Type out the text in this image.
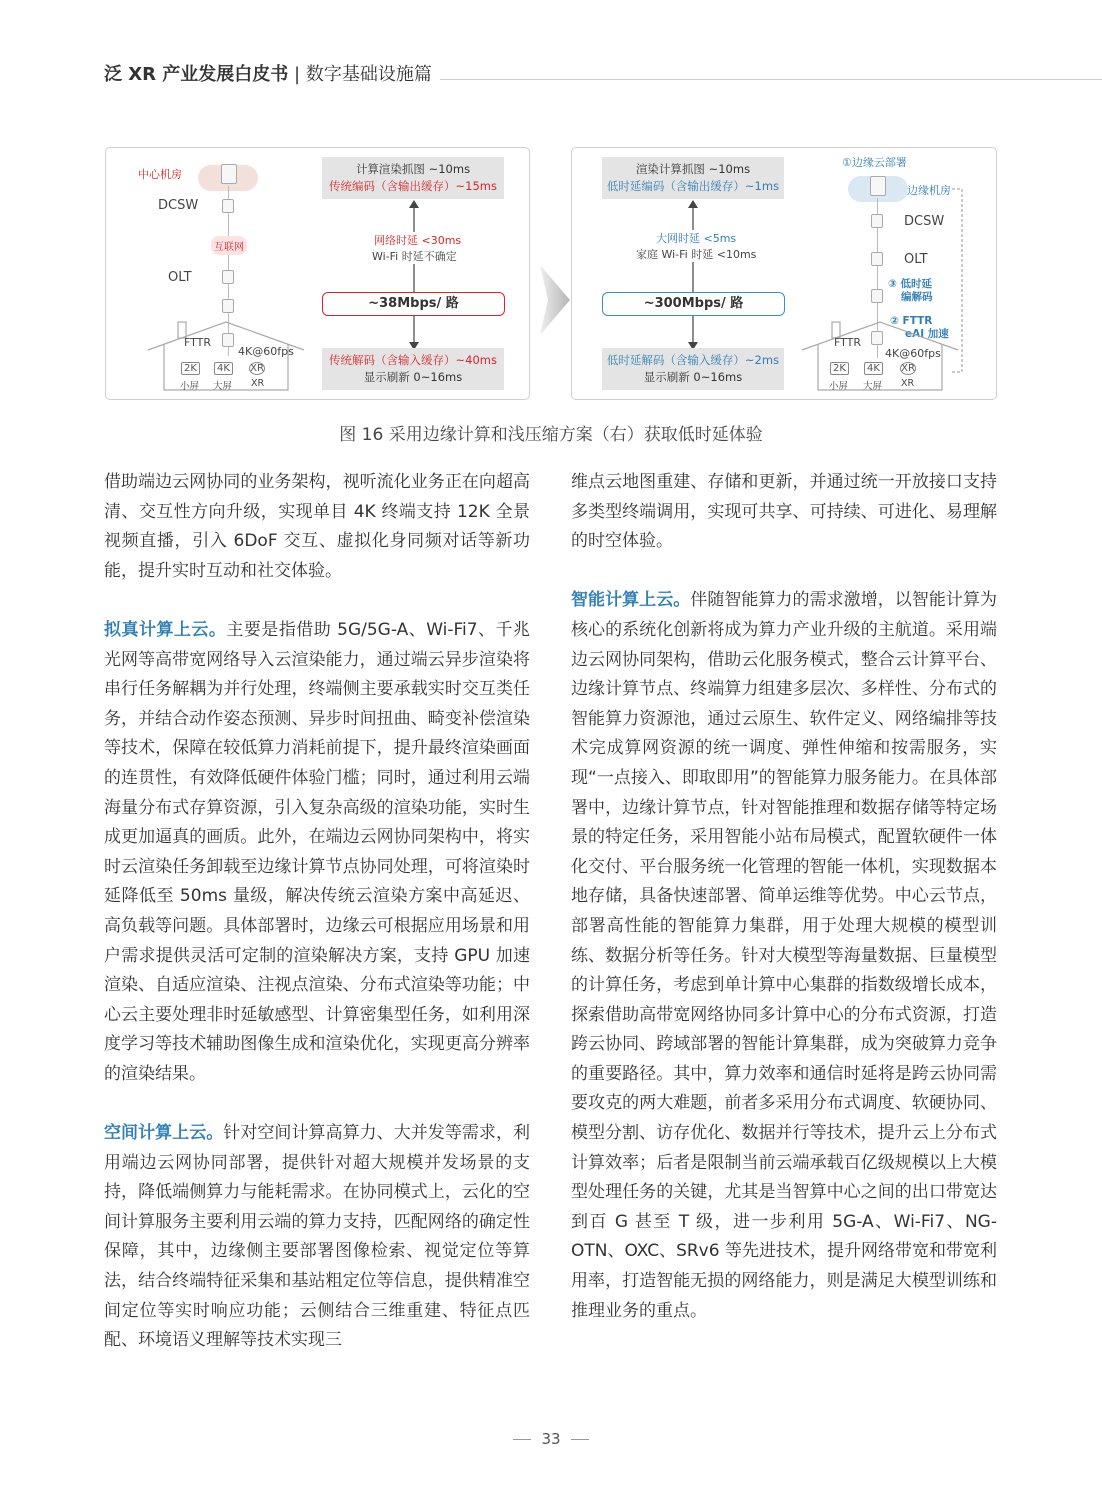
泛 XR 产业发展白皮书 | 数字基础设施篇
中心机房
DCSW
互联网
OLT
FTTR
4K@60fps
2K	4K	XR
小屏 大屏 XR
计算渲染抓图 ~10ms
传统编码（含输出缓存）~15ms
网络时延 <30ms
Wi-Fi 时延不确定
~38Mbps/ 路
传统解码（含输入缓存）~40ms
显示刷新 0~16ms
渲染计算抓图 ~10ms
低时延编码（含输出缓存）~1ms
大网时延 <5ms
家庭 Wi-Fi 时延 <10ms
~300Mbps/ 路
低时延解码（含输入缓存）~2ms
显示刷新 0~16ms
①边缘云部署
边缘机房
DCSW
OLT
③ 低时延
编解码
② FTTR
eAI 加速
FTTR
4K@60fps
2K	4K	XR
小屏 大屏 XR
图 16 采用边缘计算和浅压缩方案（右）获取低时延体验

借助端边云网协同的业务架构，视听流化业务正在向超高清、交互性方向升级，实现单目 4K 终端支持 12K 全景视频直播，引入 6DoF 交互、虚拟化身同频对话等新功能，提升实时互动和社交体验。

拟真计算上云。主要是指借助 5G/5G-A、Wi-Fi7、千兆光网等高带宽网络导入云渲染能力，通过端云异步渲染将串行任务解耦为并行处理，终端侧主要承载实时交互类任务，并结合动作姿态预测、异步时间扭曲、畸变补偿渲染等技术，保障在较低算力消耗前提下，提升最终渲染画面的连贯性，有效降低硬件体验门槛；同时，通过利用云端海量分布式存算资源，引入复杂高级的渲染功能，实时生成更加逼真的画质。此外，在端边云网协同架构中，将实时云渲染任务卸载至边缘计算节点协同处理，可将渲染时延降低至 50ms 量级，解决传统云渲染方案中高延迟、高负载等问题。具体部署时，边缘云可根据应用场景和用户需求提供灵活可定制的渲染解决方案，支持 GPU 加速渲染、自适应渲染、注视点渲染、分布式渲染等功能；中心云主要处理非时延敏感型、计算密集型任务，如利用深度学习等技术辅助图像生成和渲染优化，实现更高分辨率的渲染结果。

空间计算上云。针对空间计算高算力、大并发等需求，利用端边云网协同部署，提供针对超大规模并发场景的支持，降低端侧算力与能耗需求。在协同模式上，云化的空间计算服务主要利用云端的算力支持，匹配网络的确定性保障，其中，边缘侧主要部署图像检索、视觉定位等算法，结合终端特征采集和基站粗定位等信息，提供精准空间定位等实时响应功能；云侧结合三维重建、特征点匹配、环境语义理解等技术实现三

维点云地图重建、存储和更新，并通过统一开放接口支持多类型终端调用，实现可共享、可持续、可进化、易理解的时空体验。

智能计算上云。伴随智能算力的需求激增，以智能计算为核心的系统化创新将成为算力产业升级的主航道。采用端边云网协同架构，借助云化服务模式，整合云计算平台、边缘计算节点、终端算力组建多层次、多样性、分布式的智能算力资源池，通过云原生、软件定义、网络编排等技术完成算网资源的统一调度、弹性伸缩和按需服务，实现“一点接入、即取即用”的智能算力服务能力。在具体部署中，边缘计算节点，针对智能推理和数据存储等特定场景的特定任务，采用智能小站布局模式，配置软硬件一体化交付、平台服务统一化管理的智能一体机，实现数据本地存储，具备快速部署、简单运维等优势。中心云节点，部署高性能的智能算力集群，用于处理大规模的模型训练、数据分析等任务。针对大模型等海量数据、巨量模型的计算任务，考虑到单计算中心集群的指数级增长成本，探索借助高带宽网络协同多计算中心的分布式资源，打造跨云协同、跨域部署的智能计算集群，成为突破算力竞争的重要路径。其中，算力效率和通信时延将是跨云协同需要攻克的两大难题，前者多采用分布式调度、软硬协同、模型分割、访存优化、数据并行等技术，提升云上分布式计算效率；后者是限制当前云端承载百亿级规模以上大模型处理任务的关键，尤其是当智算中心之间的出口带宽达到百 G 甚至 T 级，进一步利用 5G-A、Wi-Fi7、NG-OTN、OXC、SRv6 等先进技术，提升网络带宽和带宽利用率，打造智能无损的网络能力，则是满足大模型训练和推理业务的重点。

33
